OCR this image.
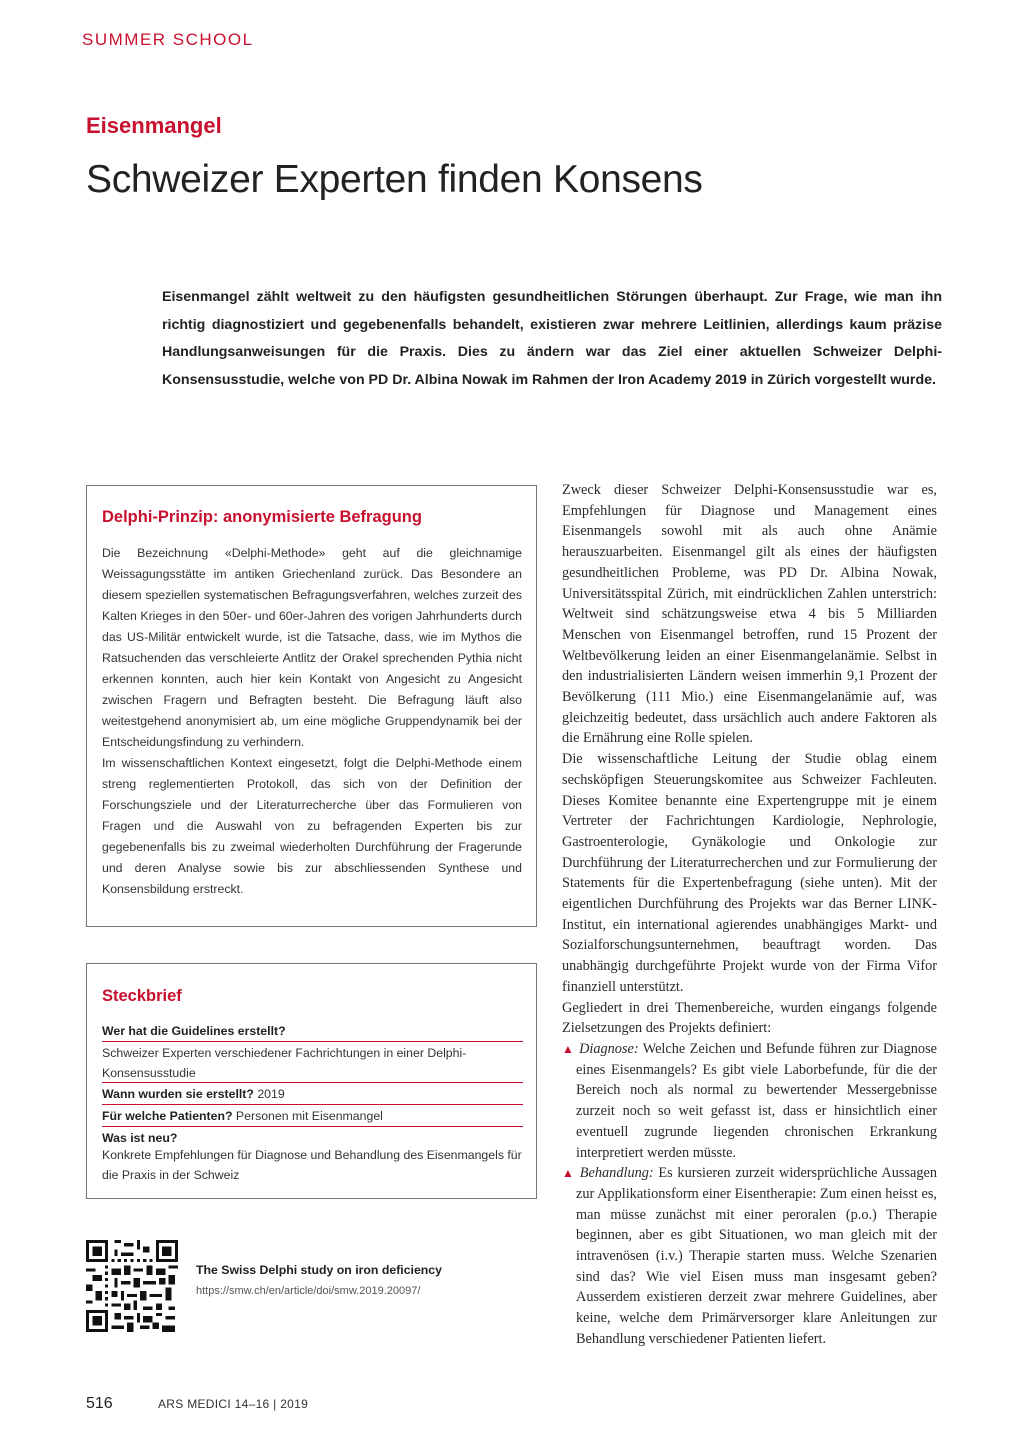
SUMMER SCHOOL
Eisenmangel
Schweizer Experten finden Konsens

Eisenmangel zählt weltweit zu den häufigsten gesundheitlichen Störungen überhaupt. Zur Frage, wie man ihn richtig diagnostiziert und gegebenenfalls behandelt, existieren zwar mehrere Leitlinien, allerdings kaum präzise Handlungsanweisungen für die Praxis. Dies zu ändern war das Ziel einer aktuellen Schweizer Delphi-Konsensusstudie, welche von PD Dr. Albina Nowak im Rahmen der Iron Academy 2019 in Zürich vorgestellt wurde.

Delphi-Prinzip: anonymisierte Befragung

Die Bezeichnung «Delphi-Methode» geht auf die gleichnamige Weissagungsstätte im antiken Griechenland zurück. Das Besondere an diesem speziellen systematischen Befragungsverfahren, welches zurzeit des Kalten Krieges in den 50er- und 60er-Jahren des vorigen Jahrhunderts durch das US-Militär entwickelt wurde, ist die Tatsache, dass, wie im Mythos die Ratsuchenden das verschleierte Antlitz der Orakel sprechenden Pythia nicht erkennen konnten, auch hier kein Kontakt von Angesicht zu Angesicht zwischen Fragern und Befragten besteht. Die Befragung läuft also weitestgehend anonymisiert ab, um eine mögliche Gruppendynamik bei der Entscheidungsfindung zu verhindern.

Im wissenschaftlichen Kontext eingesetzt, folgt die Delphi-Methode einem streng reglementierten Protokoll, das sich von der Definition der Forschungsziele und der Literaturrecherche über das Formulieren von Fragen und die Auswahl von zu befragenden Experten bis zur gegebenenfalls bis zu zweimal wiederholten Durchführung der Fragerunde und deren Analyse sowie bis zur abschliessenden Synthese und Konsensbildung erstreckt.

Steckbrief
Wer hat die Guidelines erstellt?
Schweizer Experten verschiedener Fachrichtungen in einer Delphi-Konsensusstudie
Wann wurden sie erstellt? 2019
Für welche Patienten? Personen mit Eisenmangel
Was ist neu?
Konkrete Empfehlungen für Diagnose und Behandlung des Eisenmangels für die Praxis in der Schweiz
The Swiss Delphi study on iron deficiency
https://smw.ch/en/article/doi/smw.2019.20097/

Zweck dieser Schweizer Delphi-Konsensusstudie war es, Empfehlungen für Diagnose und Management eines Eisenmangels sowohl mit als auch ohne Anämie herauszuarbeiten. Eisenmangel gilt als eines der häufigsten gesundheitlichen Probleme, was PD Dr. Albina Nowak, Universitätsspital Zürich, mit eindrücklichen Zahlen unterstrich: Weltweit sind schätzungsweise etwa 4 bis 5 Milliarden Menschen von Eisenmangel betroffen, rund 15 Prozent der Weltbevölkerung leiden an einer Eisenmangelanämie. Selbst in den industrialisierten Ländern weisen immerhin 9,1 Prozent der Bevölkerung (111 Mio.) eine Eisenmangelanämie auf, was gleichzeitig bedeutet, dass ursächlich auch andere Faktoren als die Ernährung eine Rolle spielen.

Die wissenschaftliche Leitung der Studie oblag einem sechsköpfigen Steuerungskomitee aus Schweizer Fachleuten. Dieses Komitee benannte eine Expertengruppe mit je einem Vertreter der Fachrichtungen Kardiologie, Nephrologie, Gastroenterologie, Gynäkologie und Onkologie zur Durchführung der Literaturrecherchen und zur Formulierung der Statements für die Expertenbefragung (siehe unten). Mit der eigentlichen Durchführung des Projekts war das Berner LINK-Institut, ein international agierendes unabhängiges Markt- und Sozialforschungsunternehmen, beauftragt worden. Das unabhängig durchgeführte Projekt wurde von der Firma Vifor finanziell unterstützt.

Gegliedert in drei Themenbereiche, wurden eingangs folgende Zielsetzungen des Projekts definiert:

▲ Diagnose: Welche Zeichen und Befunde führen zur Diagnose eines Eisenmangels? Es gibt viele Laborbefunde, für die der Bereich noch als normal zu bewertender Messergebnisse zurzeit noch so weit gefasst ist, dass er hinsichtlich einer eventuell zugrunde liegenden chronischen Erkrankung interpretiert werden müsste.

▲ Behandlung: Es kursieren zurzeit widersprüchliche Aussagen zur Applikationsform einer Eisentherapie: Zum einen heisst es, man müsse zunächst mit einer peroralen (p.o.) Therapie beginnen, aber es gibt Situationen, wo man gleich mit der intravenösen (i.v.) Therapie starten muss. Welche Szenarien sind das? Wie viel Eisen muss man insgesamt geben? Ausserdem existieren derzeit zwar mehrere Guidelines, aber keine, welche dem Primärversorger klare Anleitungen zur Behandlung verschiedener Patienten liefert.

516	ARS MEDICI 14–16 | 2019
